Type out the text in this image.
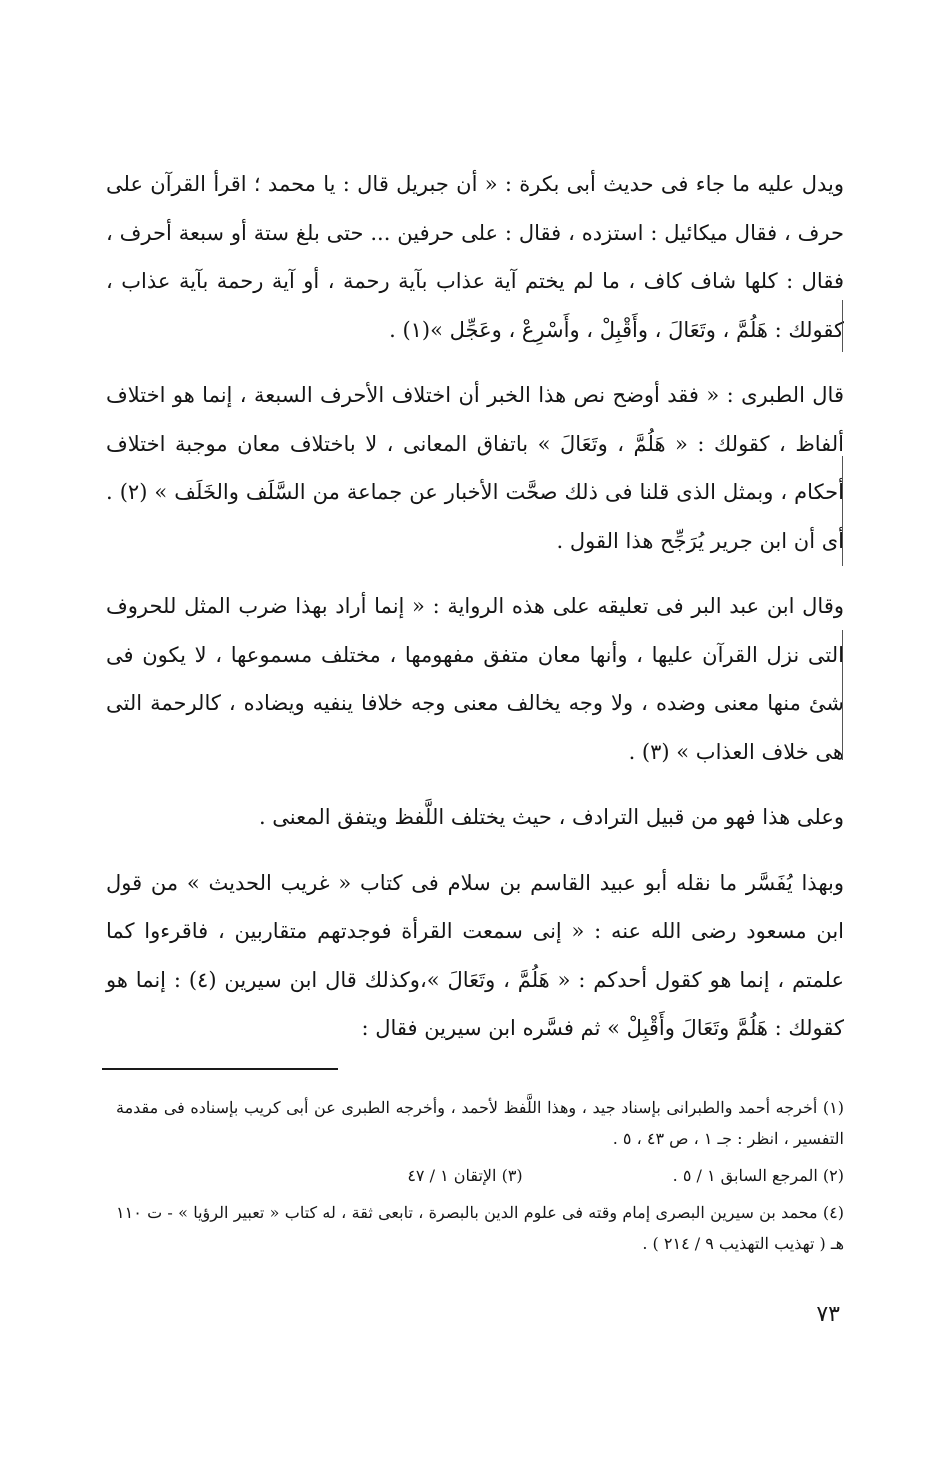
ويدل عليه ما جاء فى حديث أبى بكرة : « أن جبريل قال : يا محمد ؛ اقرأ القرآن على حرف ، فقال ميكائيل : استزده ، فقال : على حرفين ... حتى بلغ ستة أو سبعة أحرف ، فقال : كلها شاف كاف ، ما لم يختم آية عذاب بآية رحمة ، أو آية رحمة بآية عذاب ، كقولك : هَلُمَّ ، وتَعَالَ ، وأَقْبِلْ ، وأَسْرِعْ ، وعَجِّل »(١) .

قال الطبرى : « فقد أوضح نص هذا الخبر أن اختلاف الأحرف السبعة ، إنما هو اختلاف ألفاظ ، كقولك : « هَلُمَّ ، وتَعَالَ » باتفاق المعانى ، لا باختلاف معان موجبة اختلاف أحكام ، وبمثل الذى قلنا فى ذلك صحَّت الأخبار عن جماعة من السَّلَف والخَلَف » (٢) . أى أن ابن جرير يُرَجِّح هذا القول .

وقال ابن عبد البر فى تعليقه على هذه الرواية : « إنما أراد بهذا ضرب المثل للحروف التى نزل القرآن عليها ، وأنها معان متفق مفهومها ، مختلف مسموعها ، لا يكون فى شئ منها معنى وضده ، ولا وجه يخالف معنى وجه خلافا ينفيه ويضاده ، كالرحمة التى هى خلاف العذاب » (٣) .

وعلى هذا فهو من قبيل الترادف ، حيث يختلف اللَّفظ ويتفق المعنى .

وبهذا يُفَسَّر ما نقله أبو عبيد القاسم بن سلام فى كتاب « غريب الحديث » من قول ابن مسعود رضى الله عنه : « إنى سمعت القرأة فوجدتهم متقاربين ، فاقرءوا كما علمتم ، إنما هو كقول أحدكم : « هَلُمَّ ، وتَعَالَ »،وكذلك قال ابن سيرين (٤) : إنما هو كقولك : هَلُمَّ وتَعَالَ وأَقْبِلْ » ثم فسَّره ابن سيرين فقال :

(١) أخرجه أحمد والطبرانى بإسناد جيد ، وهذا اللَّفظ لأحمد ، وأخرجه الطبرى عن أبى كريب بإسناده فى مقدمة التفسير ، انظر : جـ ١ ، ص ٤٣ ، ٥ .

(٢) المرجع السابق ١ / ٥ .
(٣) الإتقان ١ / ٤٧

(٤) محمد بن سيرين البصرى إمام وقته فى علوم الدين بالبصرة ، تابعى ثقة ، له كتاب « تعبير الرؤيا » - ت ١١٠ هـ ( تهذيب التهذيب ٩ / ٢١٤ ) .

٧٣
